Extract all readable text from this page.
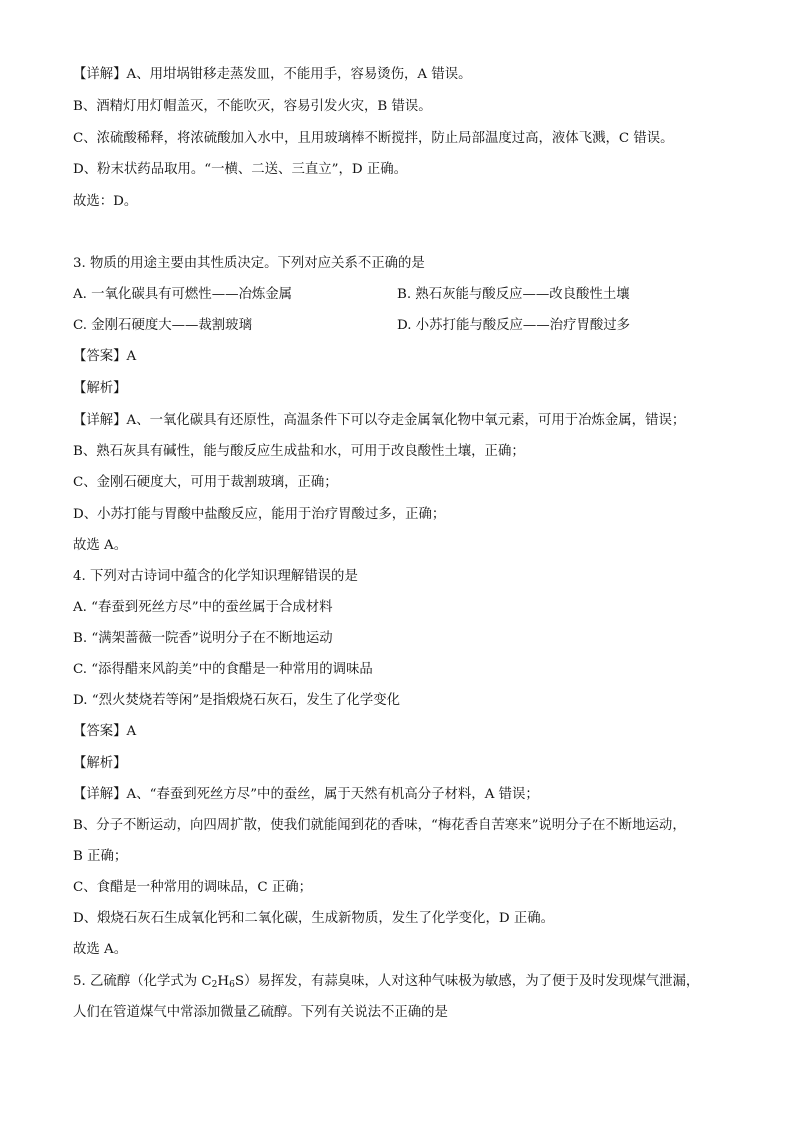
【详解】A、用坩埚钳移走蒸发皿，不能用手，容易烫伤，A 错误。
B、酒精灯用灯帽盖灭，不能吹灭，容易引发火灾，B 错误。
C、浓硫酸稀释，将浓硫酸加入水中，且用玻璃棒不断搅拌，防止局部温度过高，液体飞溅，C 错误。
D、粉末状药品取用。“一横、二送、三直立”，D 正确。
故选：D。
3. 物质的用途主要由其性质决定。下列对应关系不正确的是
A. 一氧化碳具有可燃性——冶炼金属	B. 熟石灰能与酸反应——改良酸性土壤
C. 金刚石硬度大——裁割玻璃	D. 小苏打能与酸反应——治疗胃酸过多
【答案】A
【解析】
【详解】A、一氧化碳具有还原性，高温条件下可以夺走金属氧化物中氧元素，可用于冶炼金属，错误；
B、熟石灰具有碱性，能与酸反应生成盐和水，可用于改良酸性土壤，正确；
C、金刚石硬度大，可用于裁割玻璃，正确；
D、小苏打能与胃酸中盐酸反应，能用于治疗胃酸过多，正确；
故选 A。
4. 下列对古诗词中蕴含的化学知识理解错误的是
A. “春蚕到死丝方尽”中的蚕丝属于合成材料
B. “满架蔷薇一院香”说明分子在不断地运动
C. “添得醋来风韵美”中的食醋是一种常用的调味品
D. “烈火焚烧若等闲”是指煅烧石灰石，发生了化学变化
【答案】A
【解析】
【详解】A、“春蚕到死丝方尽”中的蚕丝，属于天然有机高分子材料，A 错误；
B、分子不断运动，向四周扩散，使我们就能闻到花的香味，“梅花香自苦寒来”说明分子在不断地运动，
B 正确；
C、食醋是一种常用的调味品，C 正确；
D、煅烧石灰石生成氧化钙和二氧化碳，生成新物质，发生了化学变化，D 正确。
故选 A。
5. 乙硫醇（化学式为 $C_2H_6S$）易挥发，有蒜臭味，人对这种气味极为敏感，为了便于及时发现煤气泄漏，
人们在管道煤气中常添加微量乙硫醇。下列有关说法不正确的是
